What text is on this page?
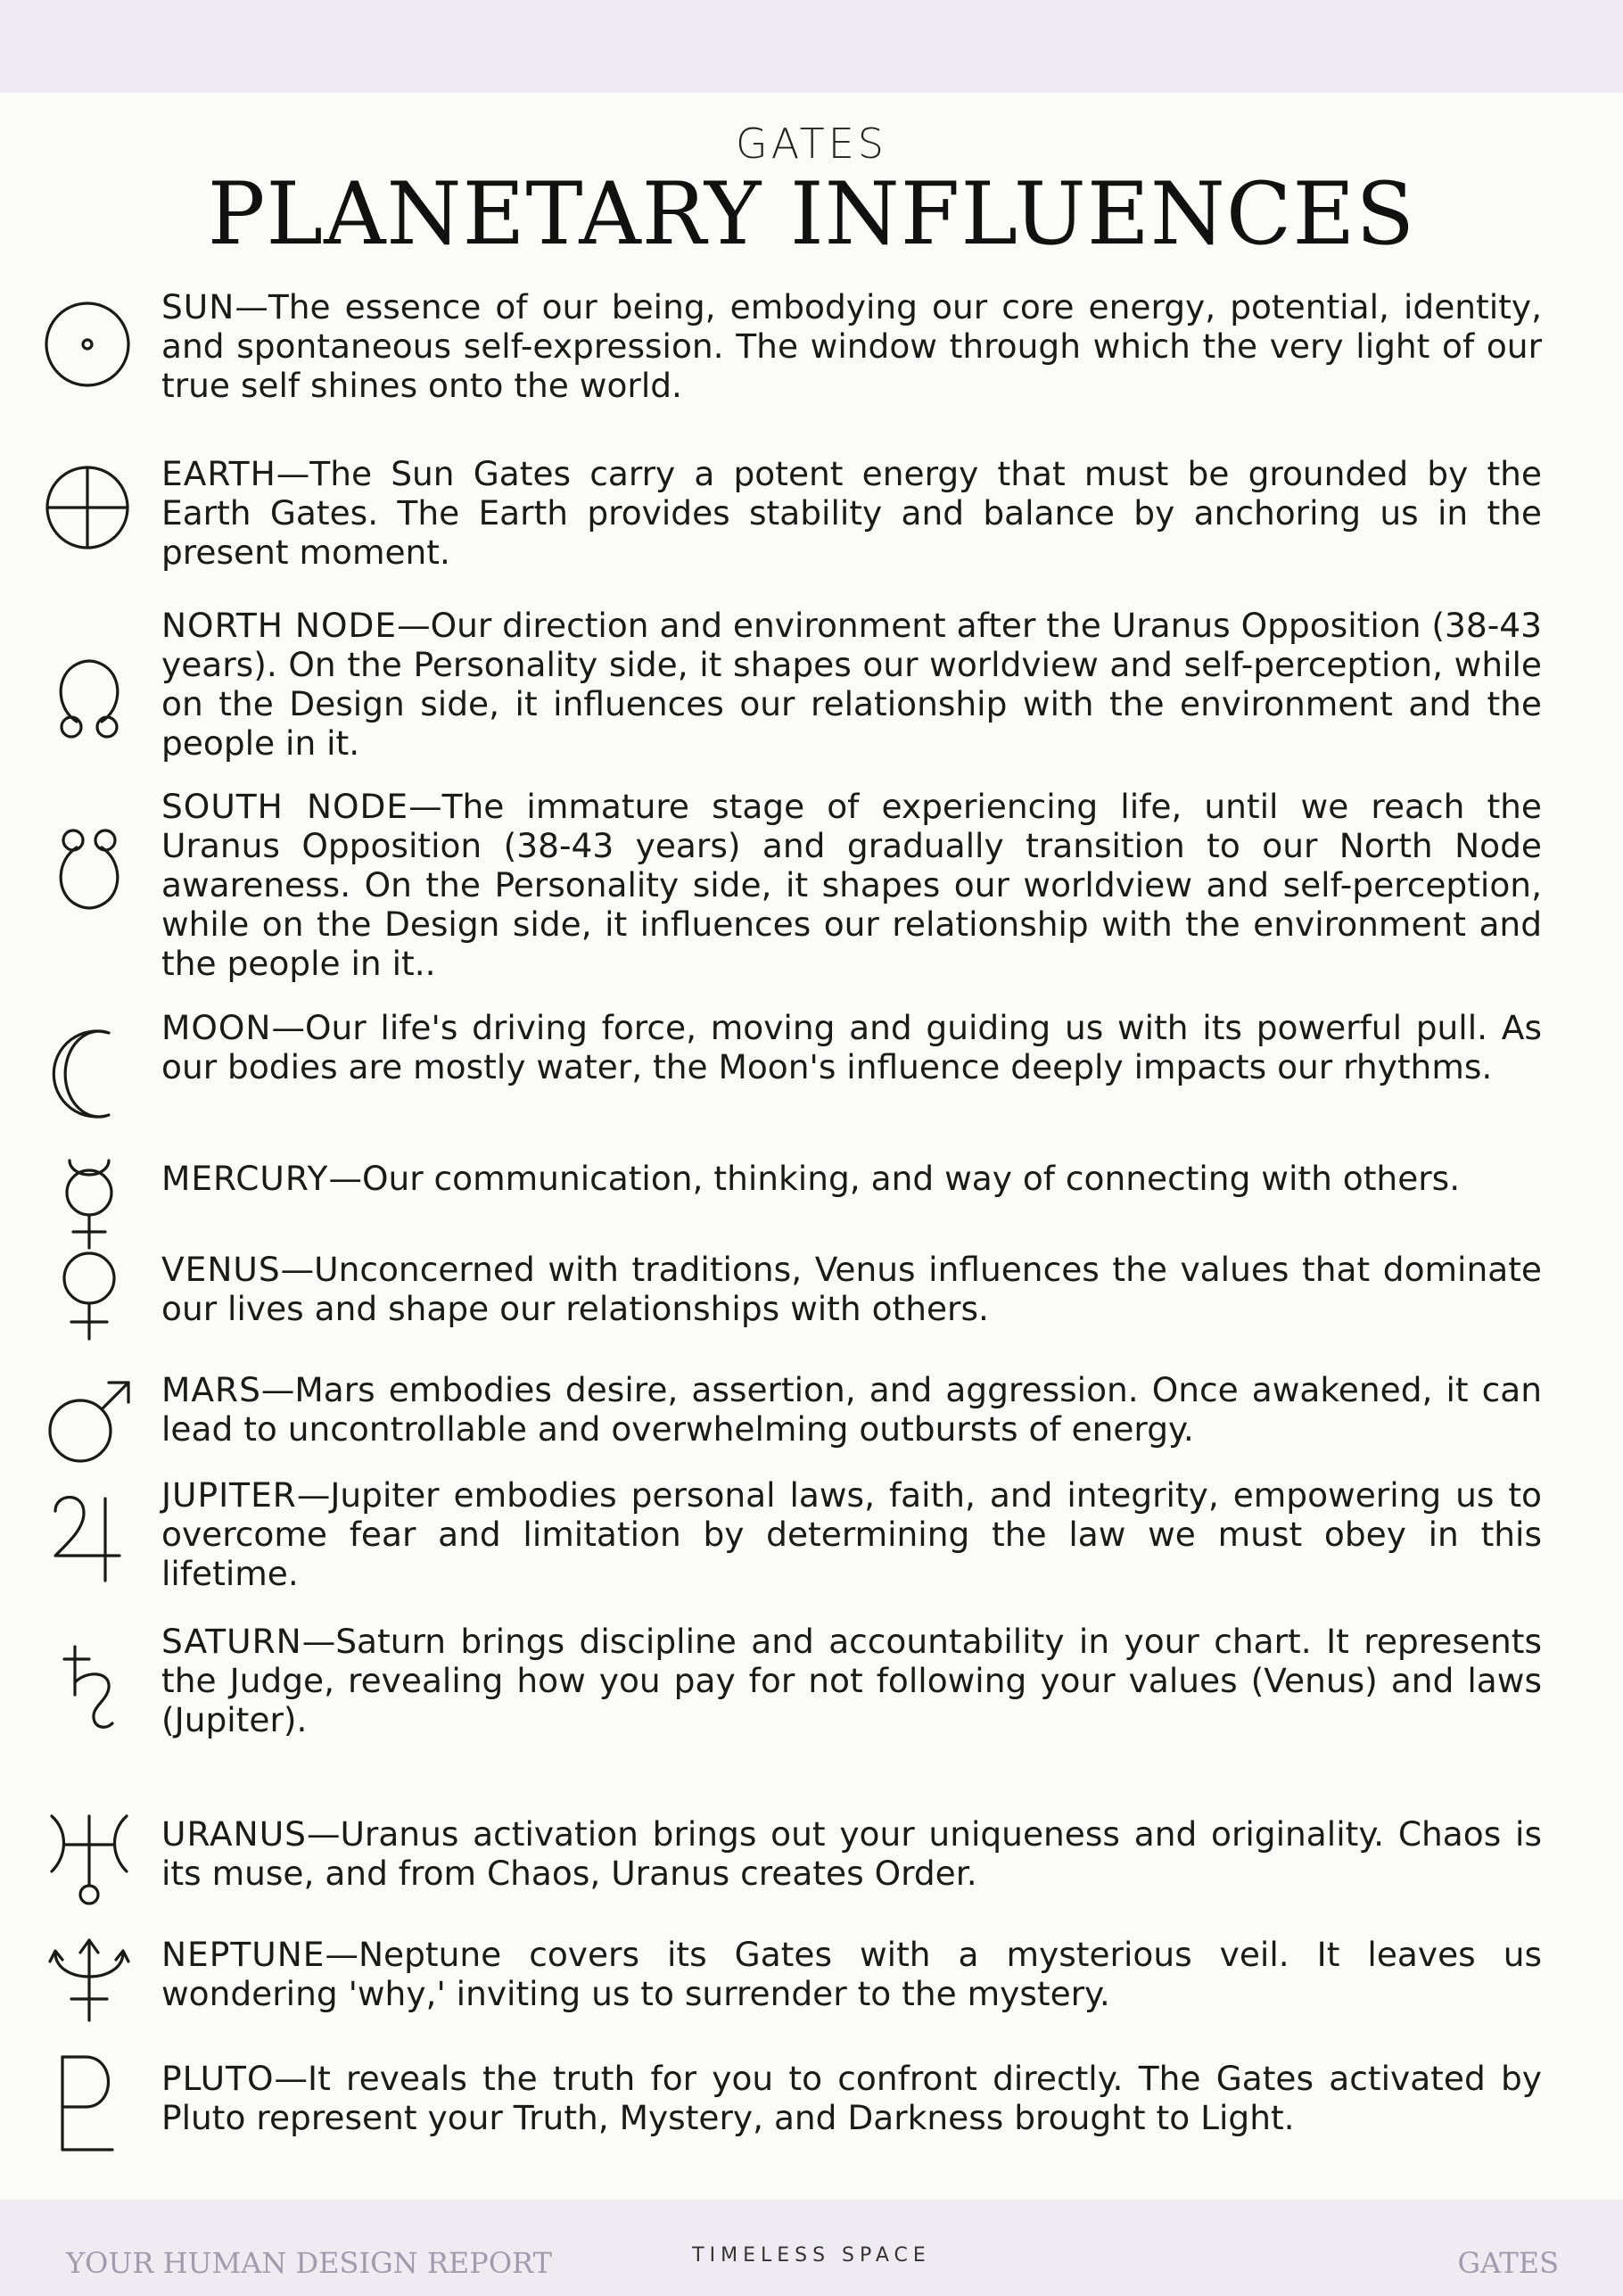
GATES
PLANETARY INFLUENCES
SUN—The essence of our being, embodying our core energy, potential, identity, and spontaneous self-expression. The window through which the very light of our true self shines onto the world.
EARTH—The Sun Gates carry a potent energy that must be grounded by the Earth Gates. The Earth provides stability and balance by anchoring us in the present moment.
NORTH NODE—Our direction and environment after the Uranus Opposition (38-43 years). On the Personality side, it shapes our worldview and self-perception, while on the Design side, it influences our relationship with the environment and the people in it.
SOUTH NODE—The immature stage of experiencing life, until we reach the Uranus Opposition (38-43 years) and gradually transition to our North Node awareness. On the Personality side, it shapes our worldview and self-perception, while on the Design side, it influences our relationship with the environment and the people in it..
MOON—Our life's driving force, moving and guiding us with its powerful pull. As our bodies are mostly water, the Moon's influence deeply impacts our rhythms.
MERCURY—Our communication, thinking, and way of connecting with others.
VENUS—Unconcerned with traditions, Venus influences the values that dominate our lives and shape our relationships with others.
MARS—Mars embodies desire, assertion, and aggression. Once awakened, it can lead to uncontrollable and overwhelming outbursts of energy.
JUPITER—Jupiter embodies personal laws, faith, and integrity, empowering us to overcome fear and limitation by determining the law we must obey in this lifetime.
SATURN—Saturn brings discipline and accountability in your chart. It represents the Judge, revealing how you pay for not following your values (Venus) and laws (Jupiter).
URANUS—Uranus activation brings out your uniqueness and originality. Chaos is its muse, and from Chaos, Uranus creates Order.
NEPTUNE—Neptune covers its Gates with a mysterious veil. It leaves us wondering 'why,' inviting us to surrender to the mystery.
PLUTO—It reveals the truth for you to confront directly. The Gates activated by Pluto represent your Truth, Mystery, and Darkness brought to Light.
YOUR HUMAN DESIGN REPORT	TIMELESS SPACE	GATES
